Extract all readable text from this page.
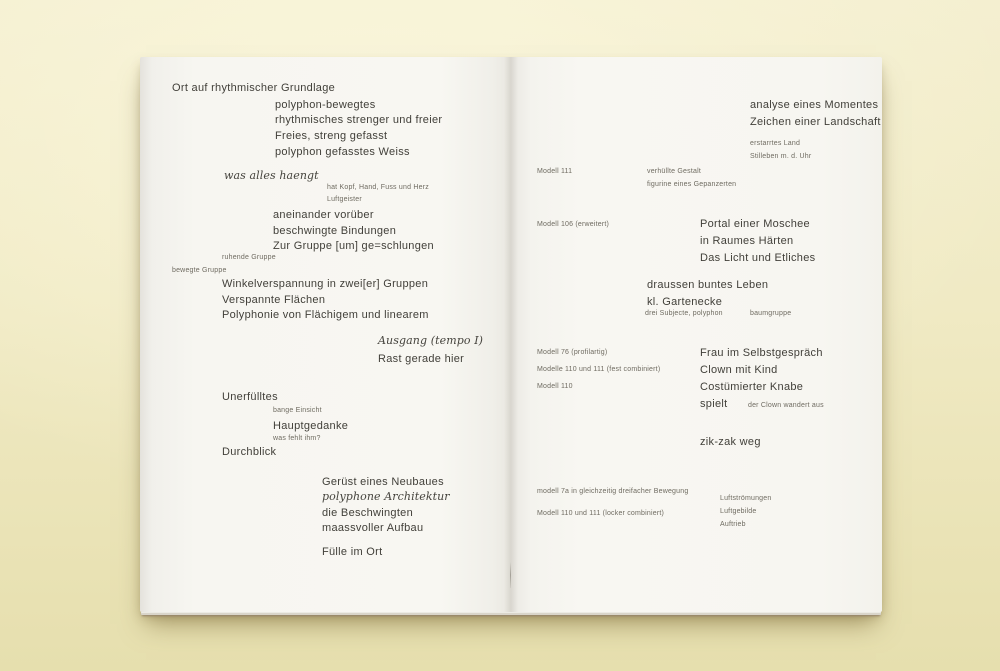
Ort auf rhythmischer Grundlage
polyphon-bewegtes
rhythmisches strenger und freier
Freies, streng gefasst
polyphon gefasstes Weiss
was alles haengt
hat Kopf, Hand, Fuss und Herz
Luftgeister
aneinander vorüber
beschwingte Bindungen
Zur Gruppe [um] ge=schlungen
ruhende Gruppe
bewegte Gruppe
Winkelverspannung in zwei[er] Gruppen
Verspannte Flächen
Polyphonie von Flächigem und linearem
Ausgang (tempo I)
Rast gerade hier
Unerfülltes
bange Einsicht
Hauptgedanke
was fehlt ihm?
Durchblick
Gerüst eines Neubaues
polyphone Architektur
die Beschwingten
maassvoller Aufbau
Fülle im Ort
analyse eines Momentes
Zeichen einer Landschaft
erstarrtes Land
Stilleben m. d. Uhr
Modell 111	verhüllte Gestalt
figurine eines Gepanzerten
Modell 106 (erweitert)	Portal einer Moschee
in Raumes Härten
Das Licht und Etliches
draussen buntes Leben
kl. Gartenecke
drei Subjecte, polyphon	baumgruppe
Modell 76 (profilartig)	Frau im Selbstgespräch
Modelle 110 und 111 (fest combiniert)	Clown mit Kind
Modell 110	Costümierter Knabe
spielt	der Clown wandert aus
zik-zak weg
modell 7a in gleichzeitig dreifacher Bewegung
Modell 110 und 111 (locker combiniert)
Luftströmungen
Luftgebilde
Auftrieb
